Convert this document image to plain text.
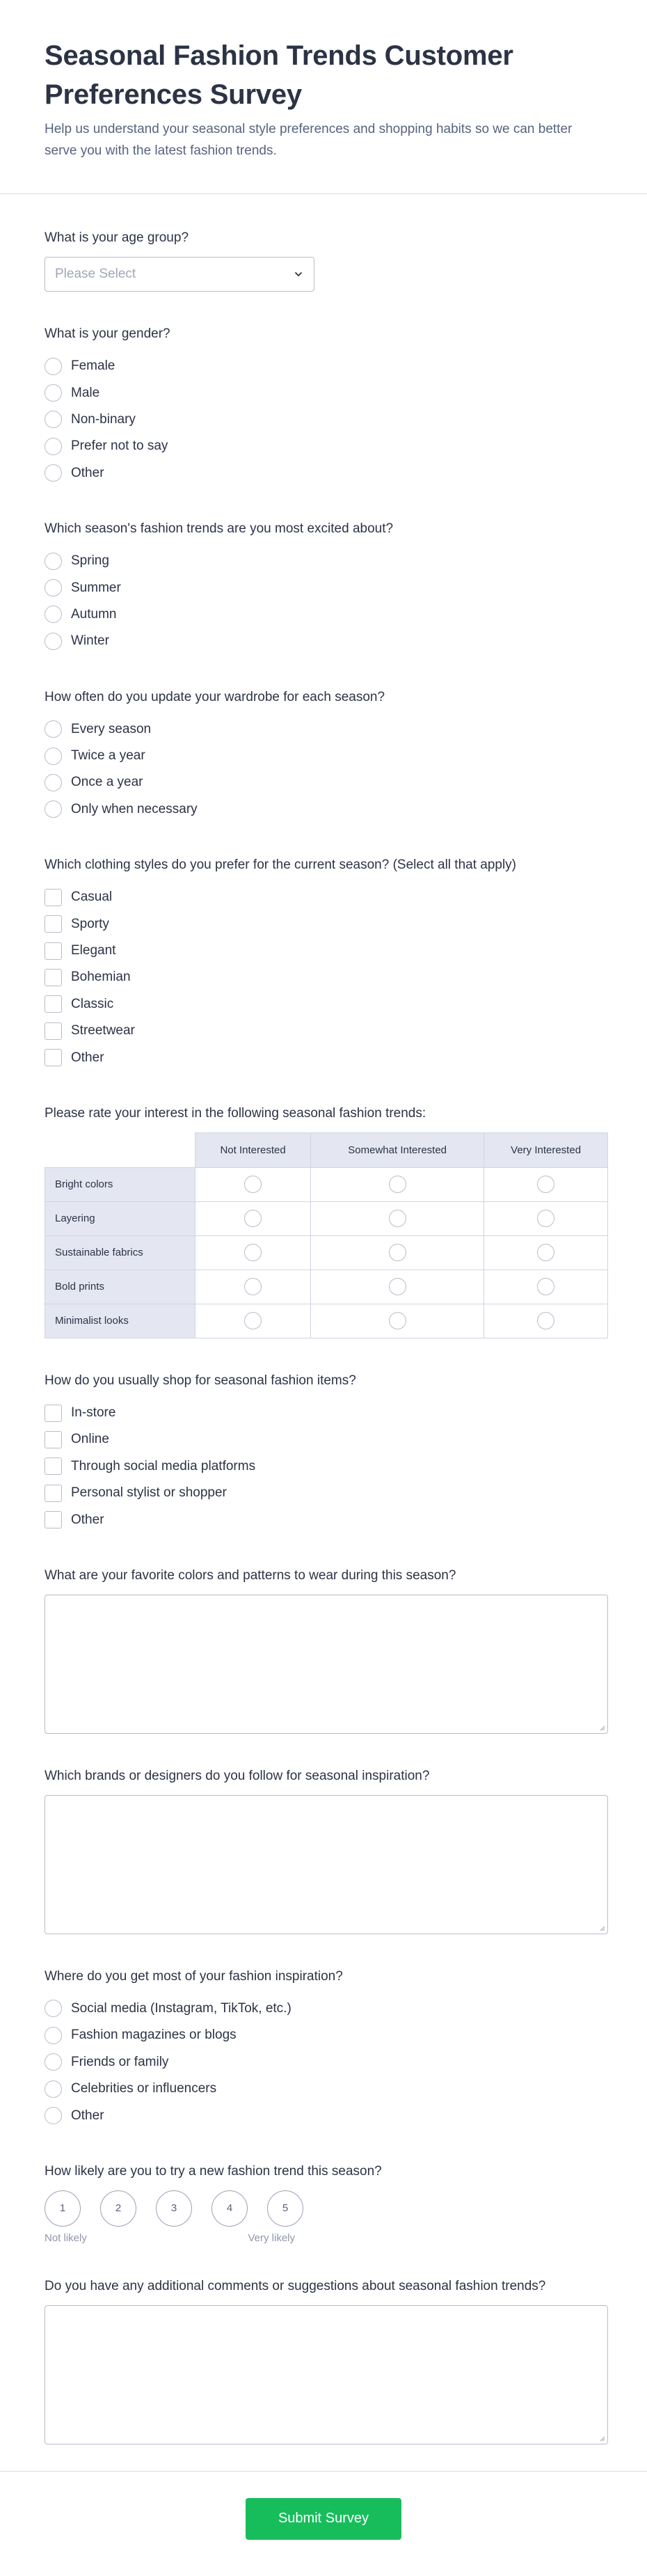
Seasonal Fashion Trends Customer Preferences Survey

Help us understand your seasonal style preferences and shopping habits so we can better serve you with the latest fashion trends.

What is your age group?
Please Select
What is your gender?
Female
Male
Non-binary
Prefer not to say
Other
Which season's fashion trends are you most excited about?
Spring
Summer
Autumn
Winter
How often do you update your wardrobe for each season?
Every season
Twice a year
Once a year
Only when necessary
Which clothing styles do you prefer for the current season? (Select all that apply)
Casual
Sporty
Elegant
Bohemian
Classic
Streetwear
Other
Please rate your interest in the following seasonal fashion trends:
	Not Interested	Somewhat Interested	Very Interested
Bright colors			
Layering			
Sustainable fabrics			
Bold prints			
Minimalist looks			
How do you usually shop for seasonal fashion items?
In-store
Online
Through social media platforms
Personal stylist or shopper
Other
What are your favorite colors and patterns to wear during this season?
Which brands or designers do you follow for seasonal inspiration?
Where do you get most of your fashion inspiration?
Social media (Instagram, TikTok, etc.)
Fashion magazines or blogs
Friends or family
Celebrities or influencers
Other
How likely are you to try a new fashion trend this season?
1	2	3	4	5
Not likely	Very likely
Do you have any additional comments or suggestions about seasonal fashion trends?
Submit Survey
